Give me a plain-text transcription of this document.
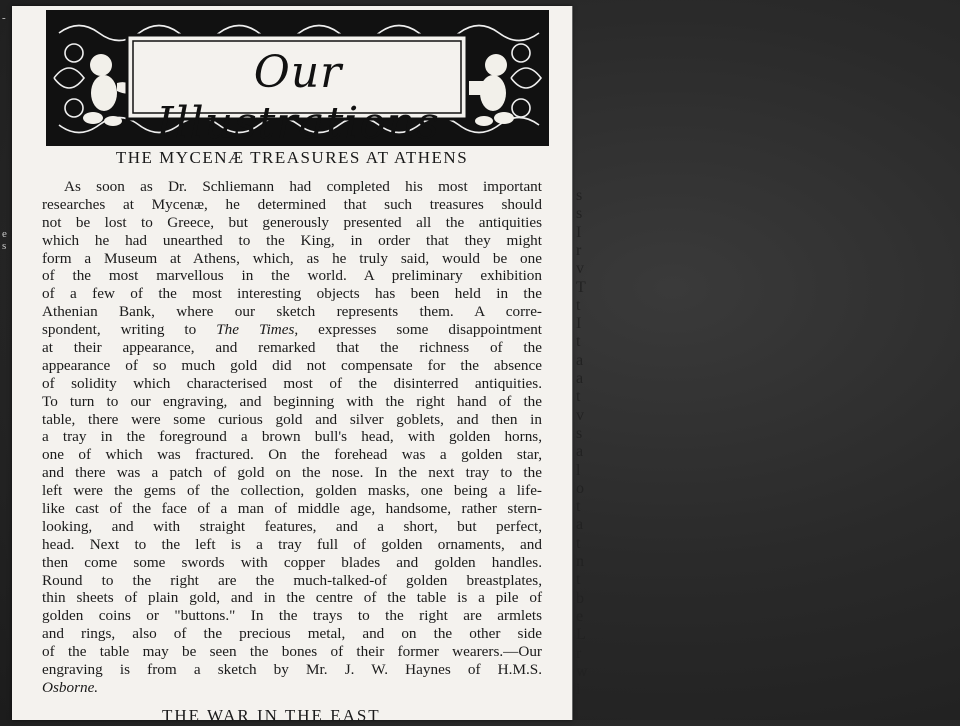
Our Illustrations
THE MYCENÆ TREASURES AT ATHENS
As soon as Dr. Schliemann had completed his most important
researches at Mycenæ, he determined that such treasures should
not be lost to Greece, but generously presented all the antiquities
which he had unearthed to the King, in order that they might
form a Museum at Athens, which, as he truly said, would be one
of the most marvellous in the world. A preliminary exhibition
of a few of the most interesting objects has been held in the
Athenian Bank, where our sketch represents them. A corre-
spondent, writing to The Times, expresses some disappointment
at their appearance, and remarked that the richness of the
appearance of so much gold did not compensate for the absence
of solidity which characterised most of the disinterred antiquities.
To turn to our engraving, and beginning with the right hand of the
table, there were some curious gold and silver goblets, and then in
a tray in the foreground a brown bull's head, with golden horns,
one of which was fractured. On the forehead was a golden star,
and there was a patch of gold on the nose. In the next tray to the
left were the gems of the collection, golden masks, one being a life-
like cast of the face of a man of middle age, handsome, rather stern-
looking, and with straight features, and a short, but perfect,
head. Next to the left is a tray full of golden ornaments, and
then come some swords with copper blades and golden handles.
Round to the right are the much-talked-of golden breastplates,
thin sheets of plain gold, and in the centre of the table is a pile of
golden coins or "buttons." In the trays to the right are armlets
and rings, also of the precious metal, and on the other side
of the table may be seen the bones of their former wearers.—Our
engraving is from a sketch by Mr. J. W. Haynes of H.M.S.
Osborne.
THE WAR IN THE EAST
s
s
I
r
v
T
t
I
t
a
a
t
v
s
a
l
o
t
a
t
n
t
b
e
L
r
w
i
-
e
s
